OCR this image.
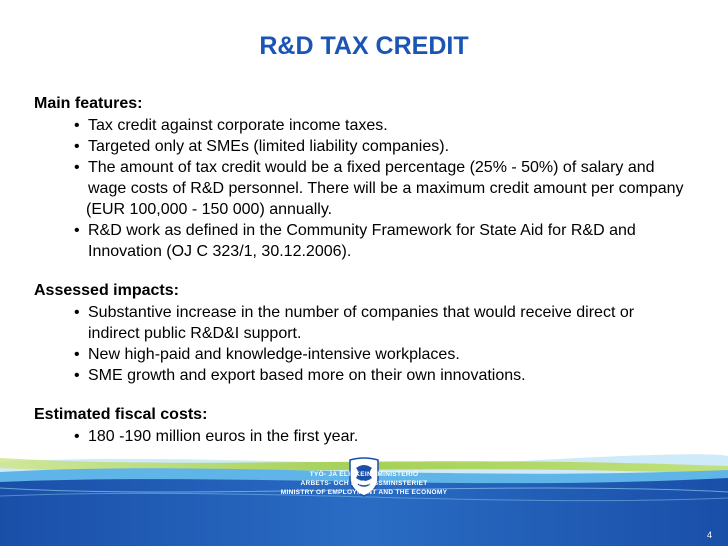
R&D TAX CREDIT

Main features:

• Tax credit against corporate income taxes.
• Targeted only at SMEs (limited liability companies).
• The amount of tax credit would be a fixed percentage (25% - 50%) of salary and
wage costs of R&D personnel. There will be a maximum credit amount per company
(EUR 100,000 - 150 000) annually.
• R&D work as defined in the Community Framework for State Aid for R&D and
Innovation (OJ C 323/1, 30.12.2006).

Assessed impacts:

• Substantive increase in the number of companies that would receive direct or
indirect public R&D&I support.
• New high-paid and knowledge-intensive workplaces.
• SME growth and export based more on their own innovations.

Estimated fiscal costs:

• 180 -190 million euros in the first year.
TYÖ- JA ELINKEINOMINISTERIÖ
ARBETS- OCH NÄRINGSMINISTERIET
MINISTRY OF EMPLOYMENT AND THE ECONOMY
4
